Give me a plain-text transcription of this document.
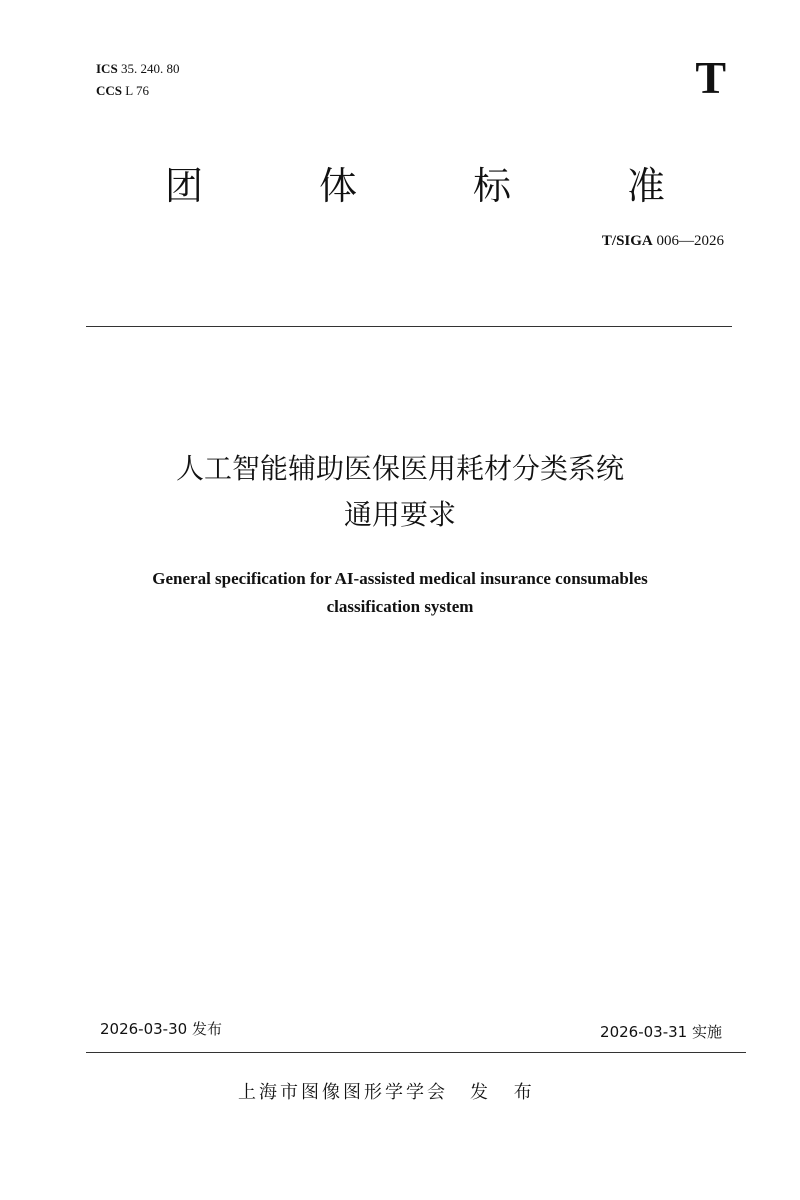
ICS 35. 240. 80
CCS L 76	T
团	体	标	准
T/SIGA 006—2026
人工智能辅助医保医用耗材分类系统
通用要求
General specification for AI-assisted medical insurance consumables
classification system
2026-03-30 发布	2026-03-31 实施
上海市图像图形学学会 发 布
